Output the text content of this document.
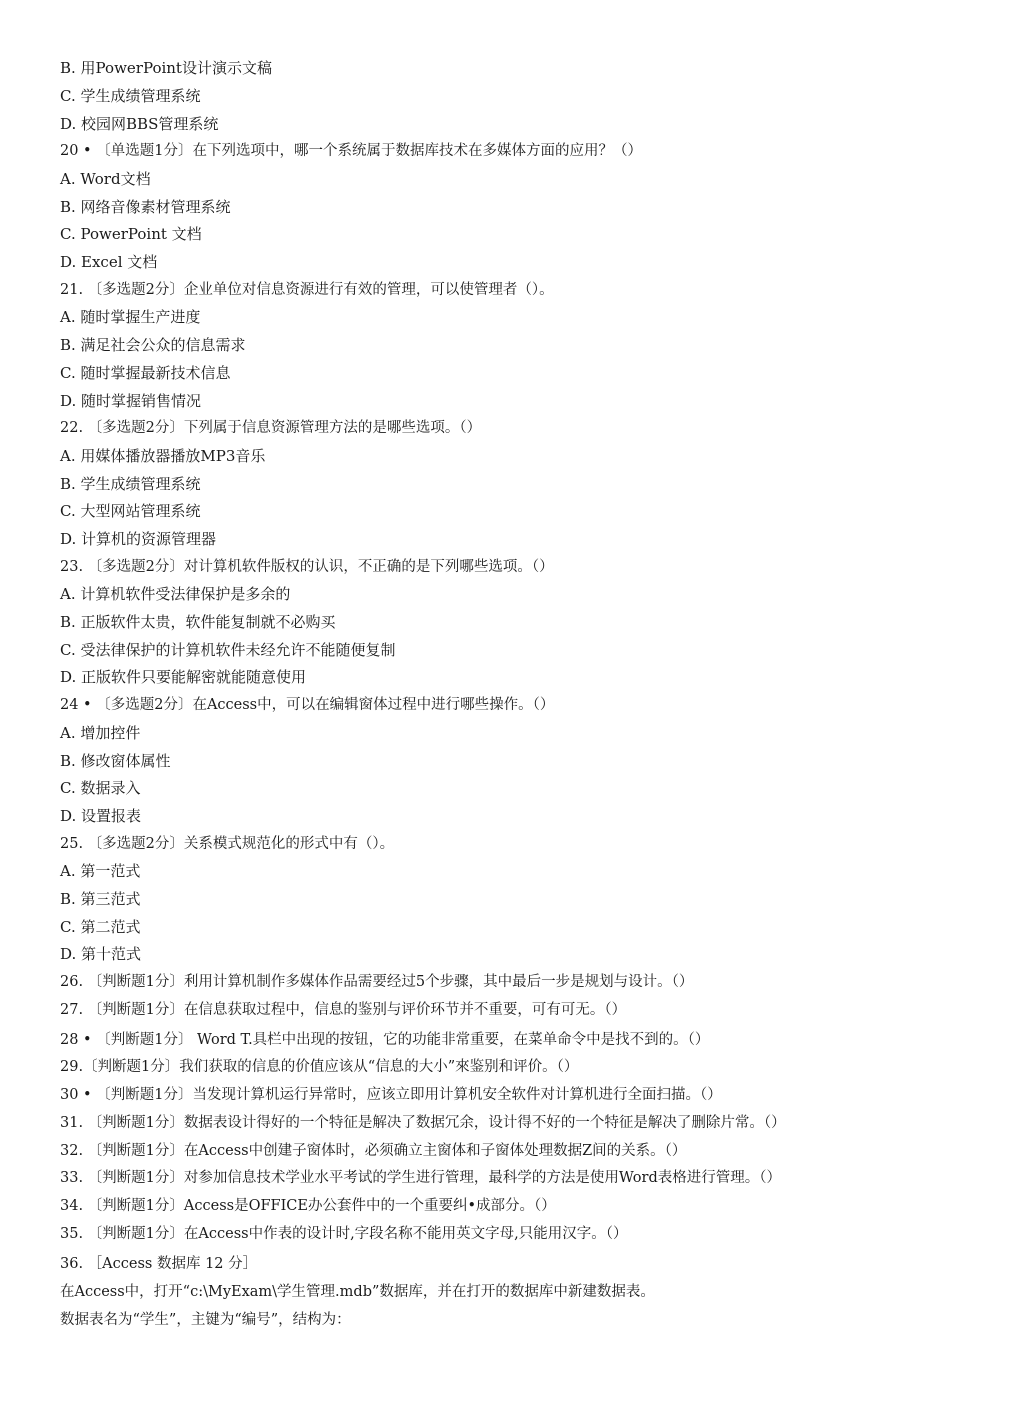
B. 用PowerPoint设计演示文稿
C. 学生成绩管理系统
D. 校园网BBS管理系统
20 • 〔单选题1分〕在下列选项中，哪一个系统属于数据库技术在多媒体方面的应用？（）
A. Word文档
B. 网络音像素材管理系统
C. PowerPoint 文档
D. Excel 文档
21. 〔多选题2分〕企业单位对信息资源进行有效的管理，可以使管理者（）。
A. 随时掌握生产进度
B. 满足社会公众的信息需求
C. 随时掌握最新技术信息
D. 随时掌握销售情况
22. 〔多选题2分〕下列属于信息资源管理方法的是哪些选项。（）
A. 用媒体播放器播放MP3音乐
B. 学生成绩管理系统
C. 大型网站管理系统
D. 计算机的资源管理器
23. 〔多选题2分〕对计算机软件版权的认识，不正确的是下列哪些选项。（）
A. 计算机软件受法律保护是多余的
B. 正版软件太贵，软件能复制就不必购买
C. 受法律保护的计算机软件未经允许不能随便复制
D. 正版软件只要能解密就能随意使用
24 • 〔多选题2分〕在Access中，可以在编辑窗体过程中进行哪些操作。（）
A. 增加控件
B. 修改窗体属性
C. 数据录入
D. 设置报表
25. 〔多选题2分〕关系模式规范化的形式中有（）。
A. 第一范式
B. 第三范式
C. 第二范式
D. 第十范式
26. 〔判断题1分〕利用计算机制作多媒体作品需要经过5个步骤，其中最后一步是规划与设计。（）
27. 〔判断题1分〕在信息获取过程中，信息的鉴别与评价环节并不重要，可有可无。（）
28 • 〔判断题1分〕 Word T.具栏中出现的按钮，它的功能非常重要，在菜单命令中是找不到的。（）
29.〔判断题1分〕我们获取的信息的价值应该从“信息的大小”來鉴别和评价。（）
30 • 〔判断题1分〕当发现计算机运行异常时，应该立即用计算机安全软件对计算机进行全面扫描。（）
31. 〔判断题1分〕数据表设计得好的一个特征是解决了数据冗余，设计得不好的一个特征是解决了删除片常。（）
32. 〔判断题1分〕在Access中创建子窗体时，必须确立主窗体和子窗体处理数据Z间的关系。（）
33. 〔判断题1分〕对参加信息技术学业水平考试的学生进行管理，最科学的方法是使用Word表格进行管理。（）
34. 〔判断题1分〕Access是OFFICE办公套件中的一个重要纠•成部分。（）
35. 〔判断题1分〕在Access中作表的设计时,字段名称不能用英文字母,只能用汉字。（）
36. ［Access 数据库 12 分］
在Access中，打开“c:\MyExam\学生管理.mdb”数据库，并在打开的数据库中新建数据表。
数据表名为“学生”，主键为“编号”，结构为：
